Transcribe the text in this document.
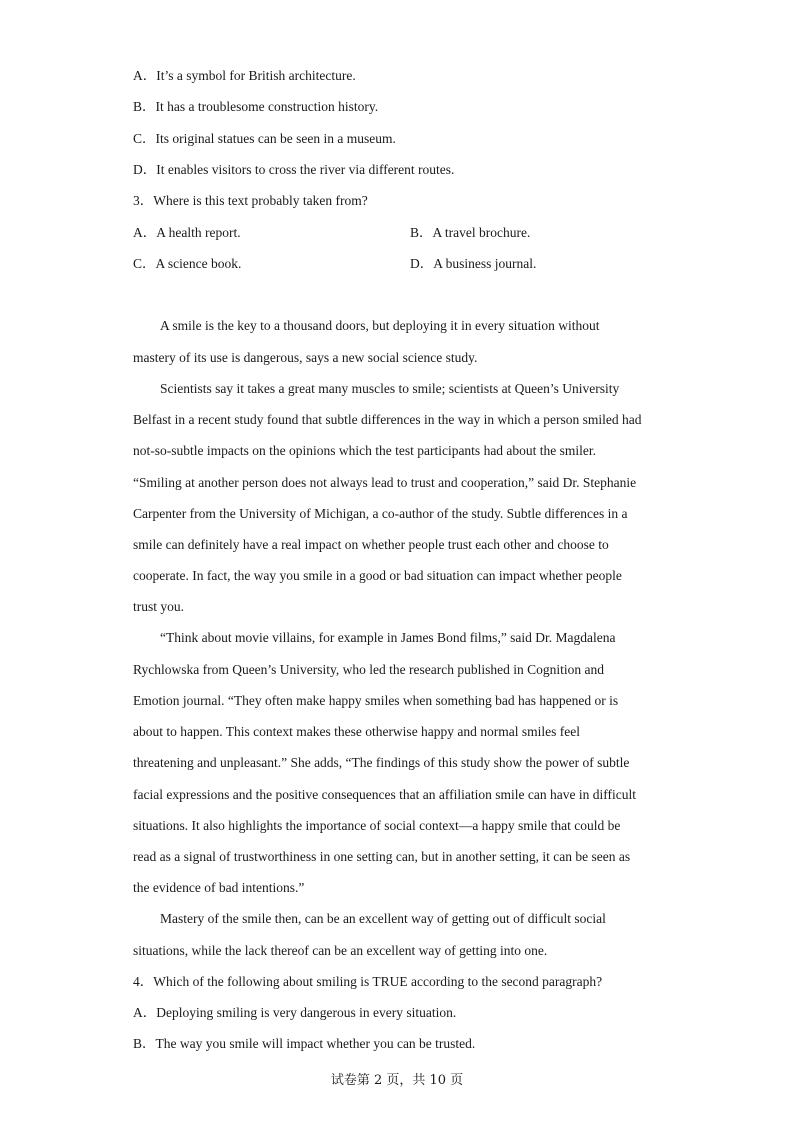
A．It’s a symbol for British architecture.
B．It has a troublesome construction history.
C．Its original statues can be seen in a museum.
D．It enables visitors to cross the river via different routes.
3．Where is this text probably taken from?
A．A health report.	B．A travel brochure.
C．A science book.	D．A business journal.
A smile is the key to a thousand doors, but deploying it in every situation without
mastery of its use is dangerous, says a new social science study.
Scientists say it takes a great many muscles to smile; scientists at Queen’s University
Belfast in a recent study found that subtle differences in the way in which a person smiled had
not-so-subtle impacts on the opinions which the test participants had about the smiler.
“Smiling at another person does not always lead to trust and cooperation,” said Dr. Stephanie
Carpenter from the University of Michigan, a co-author of the study. Subtle differences in a
smile can definitely have a real impact on whether people trust each other and choose to
cooperate. In fact, the way you smile in a good or bad situation can impact whether people
trust you.
“Think about movie villains, for example in James Bond films,” said Dr. Magdalena
Rychlowska from Queen’s University, who led the research published in Cognition and
Emotion journal. “They often make happy smiles when something bad has happened or is
about to happen. This context makes these otherwise happy and normal smiles feel
threatening and unpleasant.” She adds, “The findings of this study show the power of subtle
facial expressions and the positive consequences that an affiliation smile can have in difficult
situations. It also highlights the importance of social context—a happy smile that could be
read as a signal of trustworthiness in one setting can, but in another setting, it can be seen as
the evidence of bad intentions.”
Mastery of the smile then, can be an excellent way of getting out of difficult social
situations, while the lack thereof can be an excellent way of getting into one.
4．Which of the following about smiling is TRUE according to the second paragraph?
A．Deploying smiling is very dangerous in every situation.
B．The way you smile will impact whether you can be trusted.
试卷第 2 页，共 10 页
